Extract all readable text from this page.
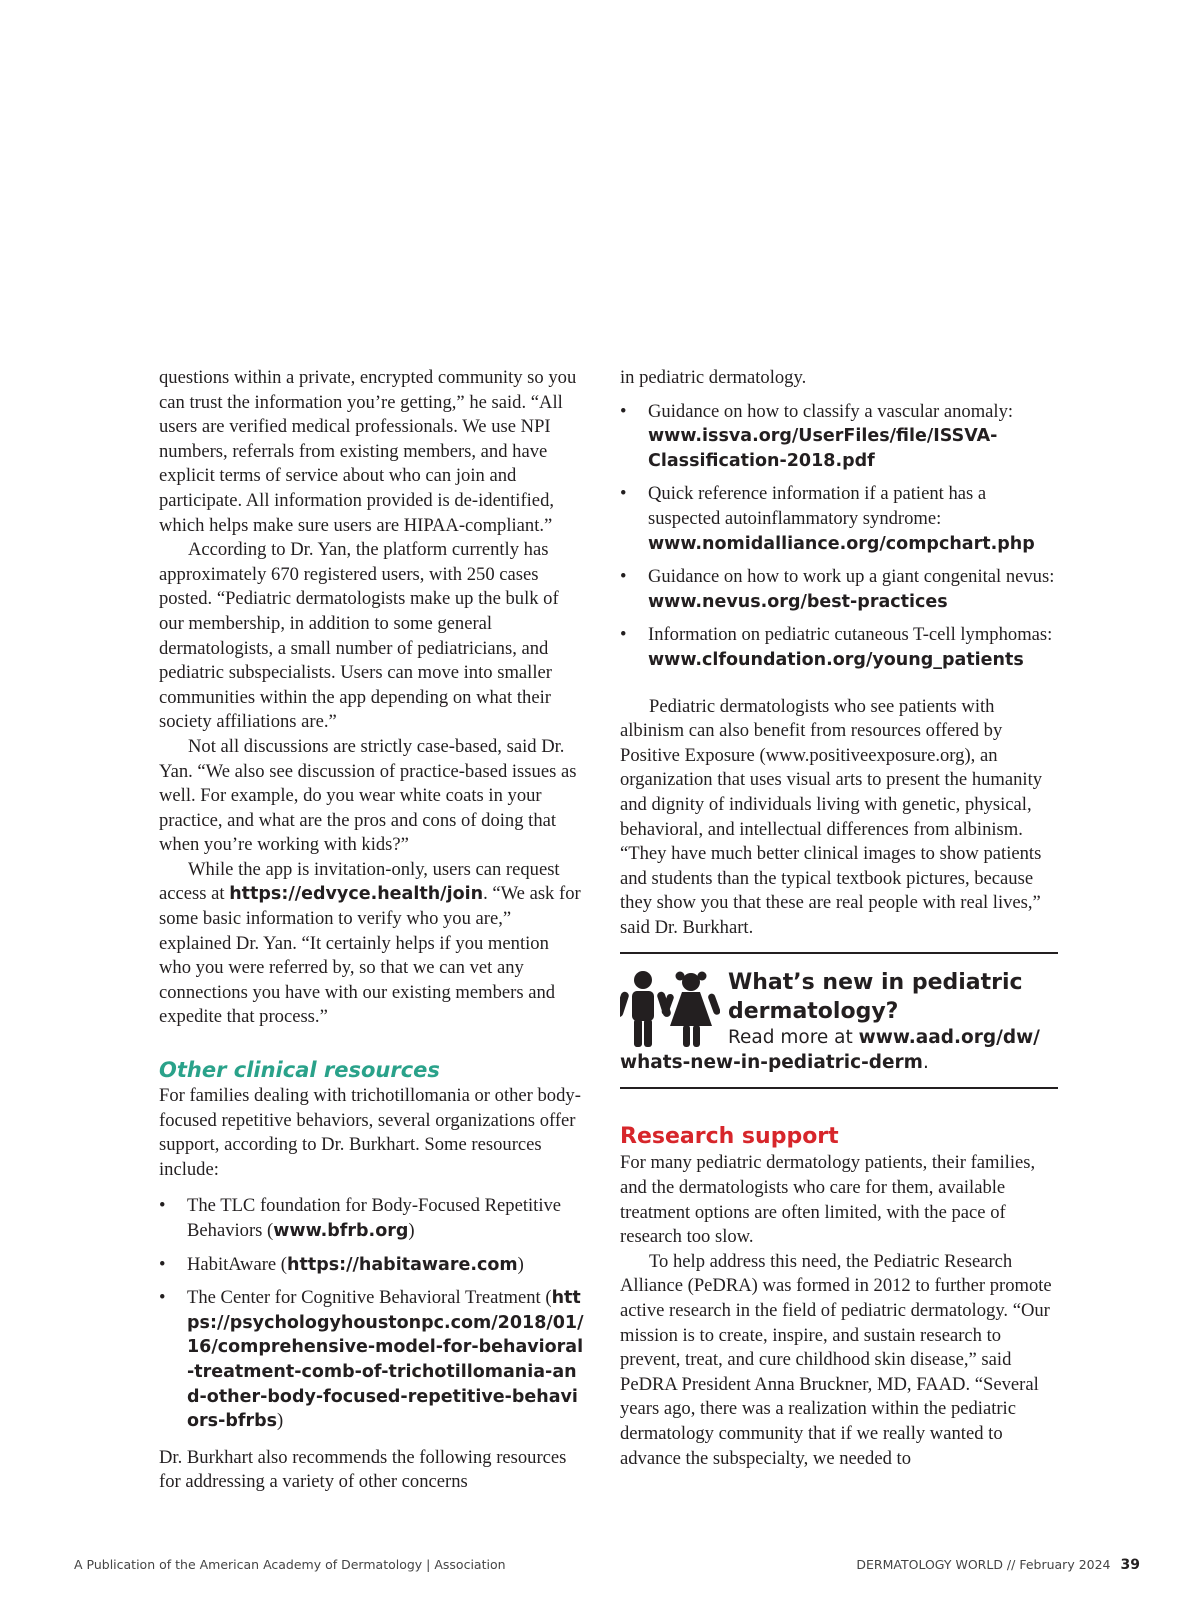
questions within a private, encrypted community so you can trust the information you’re getting,” he said. “All users are verified medical professionals. We use NPI numbers, referrals from existing members, and have explicit terms of service about who can join and participate. All information provided is de-identified, which helps make sure users are HIPAA-compliant.”

According to Dr. Yan, the platform currently has approximately 670 registered users, with 250 cases posted. “Pediatric dermatologists make up the bulk of our membership, in addition to some general dermatologists, a small number of pediatricians, and pediatric subspecialists. Users can move into smaller communities within the app depending on what their society affiliations are.”

Not all discussions are strictly case-based, said Dr. Yan. “We also see discussion of practice-based issues as well. For example, do you wear white coats in your practice, and what are the pros and cons of doing that when you’re working with kids?”

While the app is invitation-only, users can request access at https://edvyce.health/join. “We ask for some basic information to verify who you are,” explained Dr. Yan. “It certainly helps if you mention who you were referred by, so that we can vet any connections you have with our existing members and expedite that process.”

Other clinical resources

For families dealing with trichotillomania or other body-focused repetitive behaviors, several organizations offer support, according to Dr. Burkhart. Some resources include:

• The TLC foundation for Body-Focused Repetitive Behaviors (www.bfrb.org)
• HabitAware (https://habitaware.com)
• The Center for Cognitive Behavioral Treatment (https://psychologyhoustonpc.com/2018/01/16/comprehensive-model-for-behavioral-treatment-comb-of-trichotillomania-and-other-body-focused-repetitive-behaviors-bfrbs)

Dr. Burkhart also recommends the following resources for addressing a variety of other concerns

in pediatric dermatology.

• Guidance on how to classify a vascular anomaly: www.issva.org/UserFiles/file/ISSVA-Classification-2018.pdf
• Quick reference information if a patient has a suspected autoinflammatory syndrome: www.nomidalliance.org/compchart.php
• Guidance on how to work up a giant congenital nevus: www.nevus.org/best-practices
• Information on pediatric cutaneous T-cell lymphomas: www.clfoundation.org/young_patients

Pediatric dermatologists who see patients with albinism can also benefit from resources offered by Positive Exposure (www.positiveexposure.org), an organization that uses visual arts to present the humanity and dignity of individuals living with genetic, physical, behavioral, and intellectual differences from albinism. “They have much better clinical images to show patients and students than the typical textbook pictures, because they show you that these are real people with real lives,” said Dr. Burkhart.

What’s new in pediatric dermatology?
Read more at www.aad.org/dw/
whats-new-in-pediatric-derm.
Research support

For many pediatric dermatology patients, their families, and the dermatologists who care for them, available treatment options are often limited, with the pace of research too slow.

To help address this need, the Pediatric Research Alliance (PeDRA) was formed in 2012 to further promote active research in the field of pediatric dermatology. “Our mission is to create, inspire, and sustain research to prevent, treat, and cure childhood skin disease,” said PeDRA President Anna Bruckner, MD, FAAD. “Several years ago, there was a realization within the pediatric dermatology community that if we really wanted to advance the subspecialty, we needed to

A Publication of the American Academy of Dermatology | Association	DERMATOLOGY WORLD // February 2024 39
